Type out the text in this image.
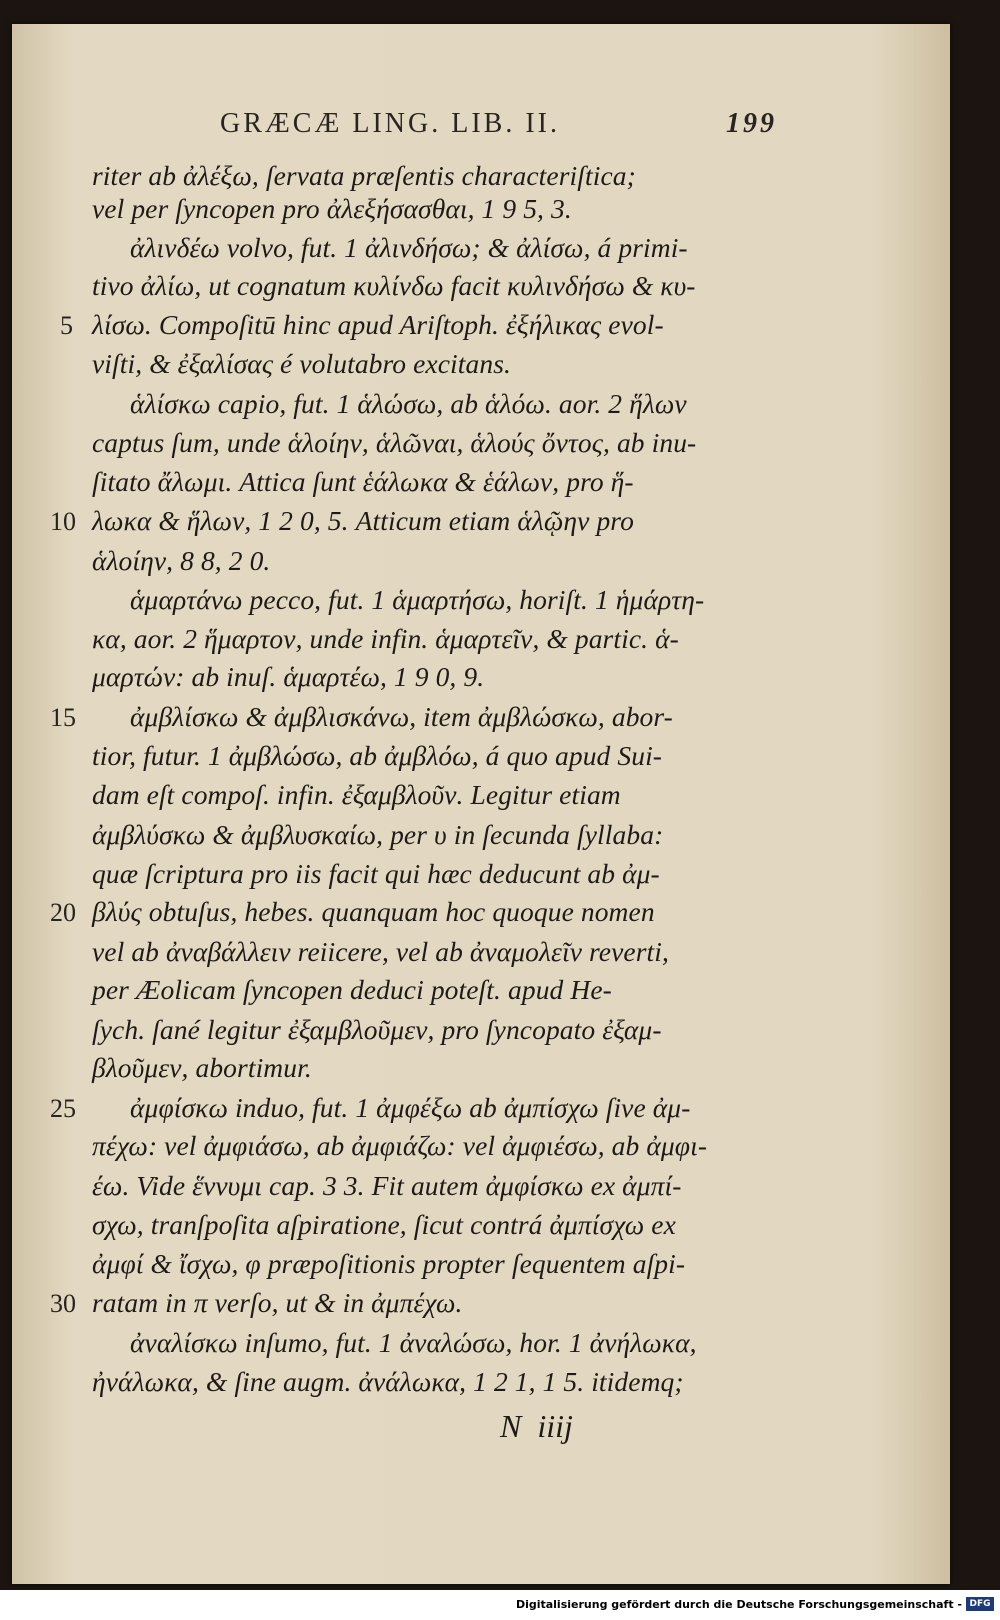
GRÆCÆ LING. LIB. II.	199
riter ab ἀλέξω, ſervata præſentis characteriſtica;
vel per ſyncopen pro ἀλεξήσασθαι, 1 9 5, 3.
ἀλινδέω volvo, fut. 1 ἀλινδήσω; & ἀλίσω, á primi-
tivo ἀλίω, ut cognatum κυλίνδω facit κυλινδήσω & κυ-
λίσω. Compoſitū hinc apud Ariſtoph. ἐξήλικας evol-
viſti, & ἐξαλίσας é volutabro excitans.
ἁλίσκω capio, fut. 1 ἁλώσω, ab ἁλόω. aor. 2 ἥλων
captus ſum, unde ἁλοίην, ἁλῶναι, ἁλούς ὄντος, ab inu-
ſitato ἄλωμι. Attica ſunt ἑάλωκα & ἑάλων, pro ἥ-
λωκα & ἥλων, 1 2 0, 5. Atticum etiam ἁλῷην pro
ἁλοίην, 8 8, 2 0.
ἁμαρτάνω pecco, fut. 1 ἁμαρτήσω, horiſt. 1 ἡμάρτη-
κα, aor. 2 ἥμαρτον, unde infin. ἁμαρτεῖν, & partic. ἁ-
μαρτών: ab inuſ. ἁμαρτέω, 1 9 0, 9.
ἀμβλίσκω & ἀμβλισκάνω, item ἀμβλώσκω, abor-
tior, futur. 1 ἀμβλώσω, ab ἀμβλόω, á quo apud Sui-
dam eſt compoſ. infin. ἐξαμβλοῦν. Legitur etiam
ἀμβλύσκω & ἀμβλυσκαίω, per υ in ſecunda ſyllaba:
quæ ſcriptura pro iis facit qui hæc deducunt ab ἀμ-
βλύς obtuſus, hebes. quanquam hoc quoque nomen
vel ab ἀναβάλλειν reiicere, vel ab ἀναμολεῖν reverti,
per Æolicam ſyncopen deduci poteſt. apud He-
ſych. ſané legitur ἐξαμβλοῦμεν, pro ſyncopato ἐξαμ-
βλοῦμεν, abortimur.
ἀμφίσκω induo, fut. 1 ἀμφέξω ab ἀμπίσχω ſive ἀμ-
πέχω: vel ἀμφιάσω, ab ἀμφιάζω: vel ἀμφιέσω, ab ἀμφι-
έω. Vide ἕννυμι cap. 3 3. Fit autem ἀμφίσκω ex ἀμπί-
σχω, tranſpoſita aſpiratione, ſicut contrá ἀμπίσχω ex
ἀμφί & ἴσχω, φ præpoſitionis propter ſequentem aſpi-
ratam in π verſo, ut & in ἀμπέχω.
ἀναλίσκω inſumo, fut. 1 ἀναλώσω, hor. 1 ἀνήλωκα,
ἠνάλωκα, & ſine augm. ἀνάλωκα, 1 2 1, 1 5. itidemq;
5
10
15
20
25
30
N  iiij
Digitalisierung gefördert durch die Deutsche Forschungsgemeinschaft - DFG
